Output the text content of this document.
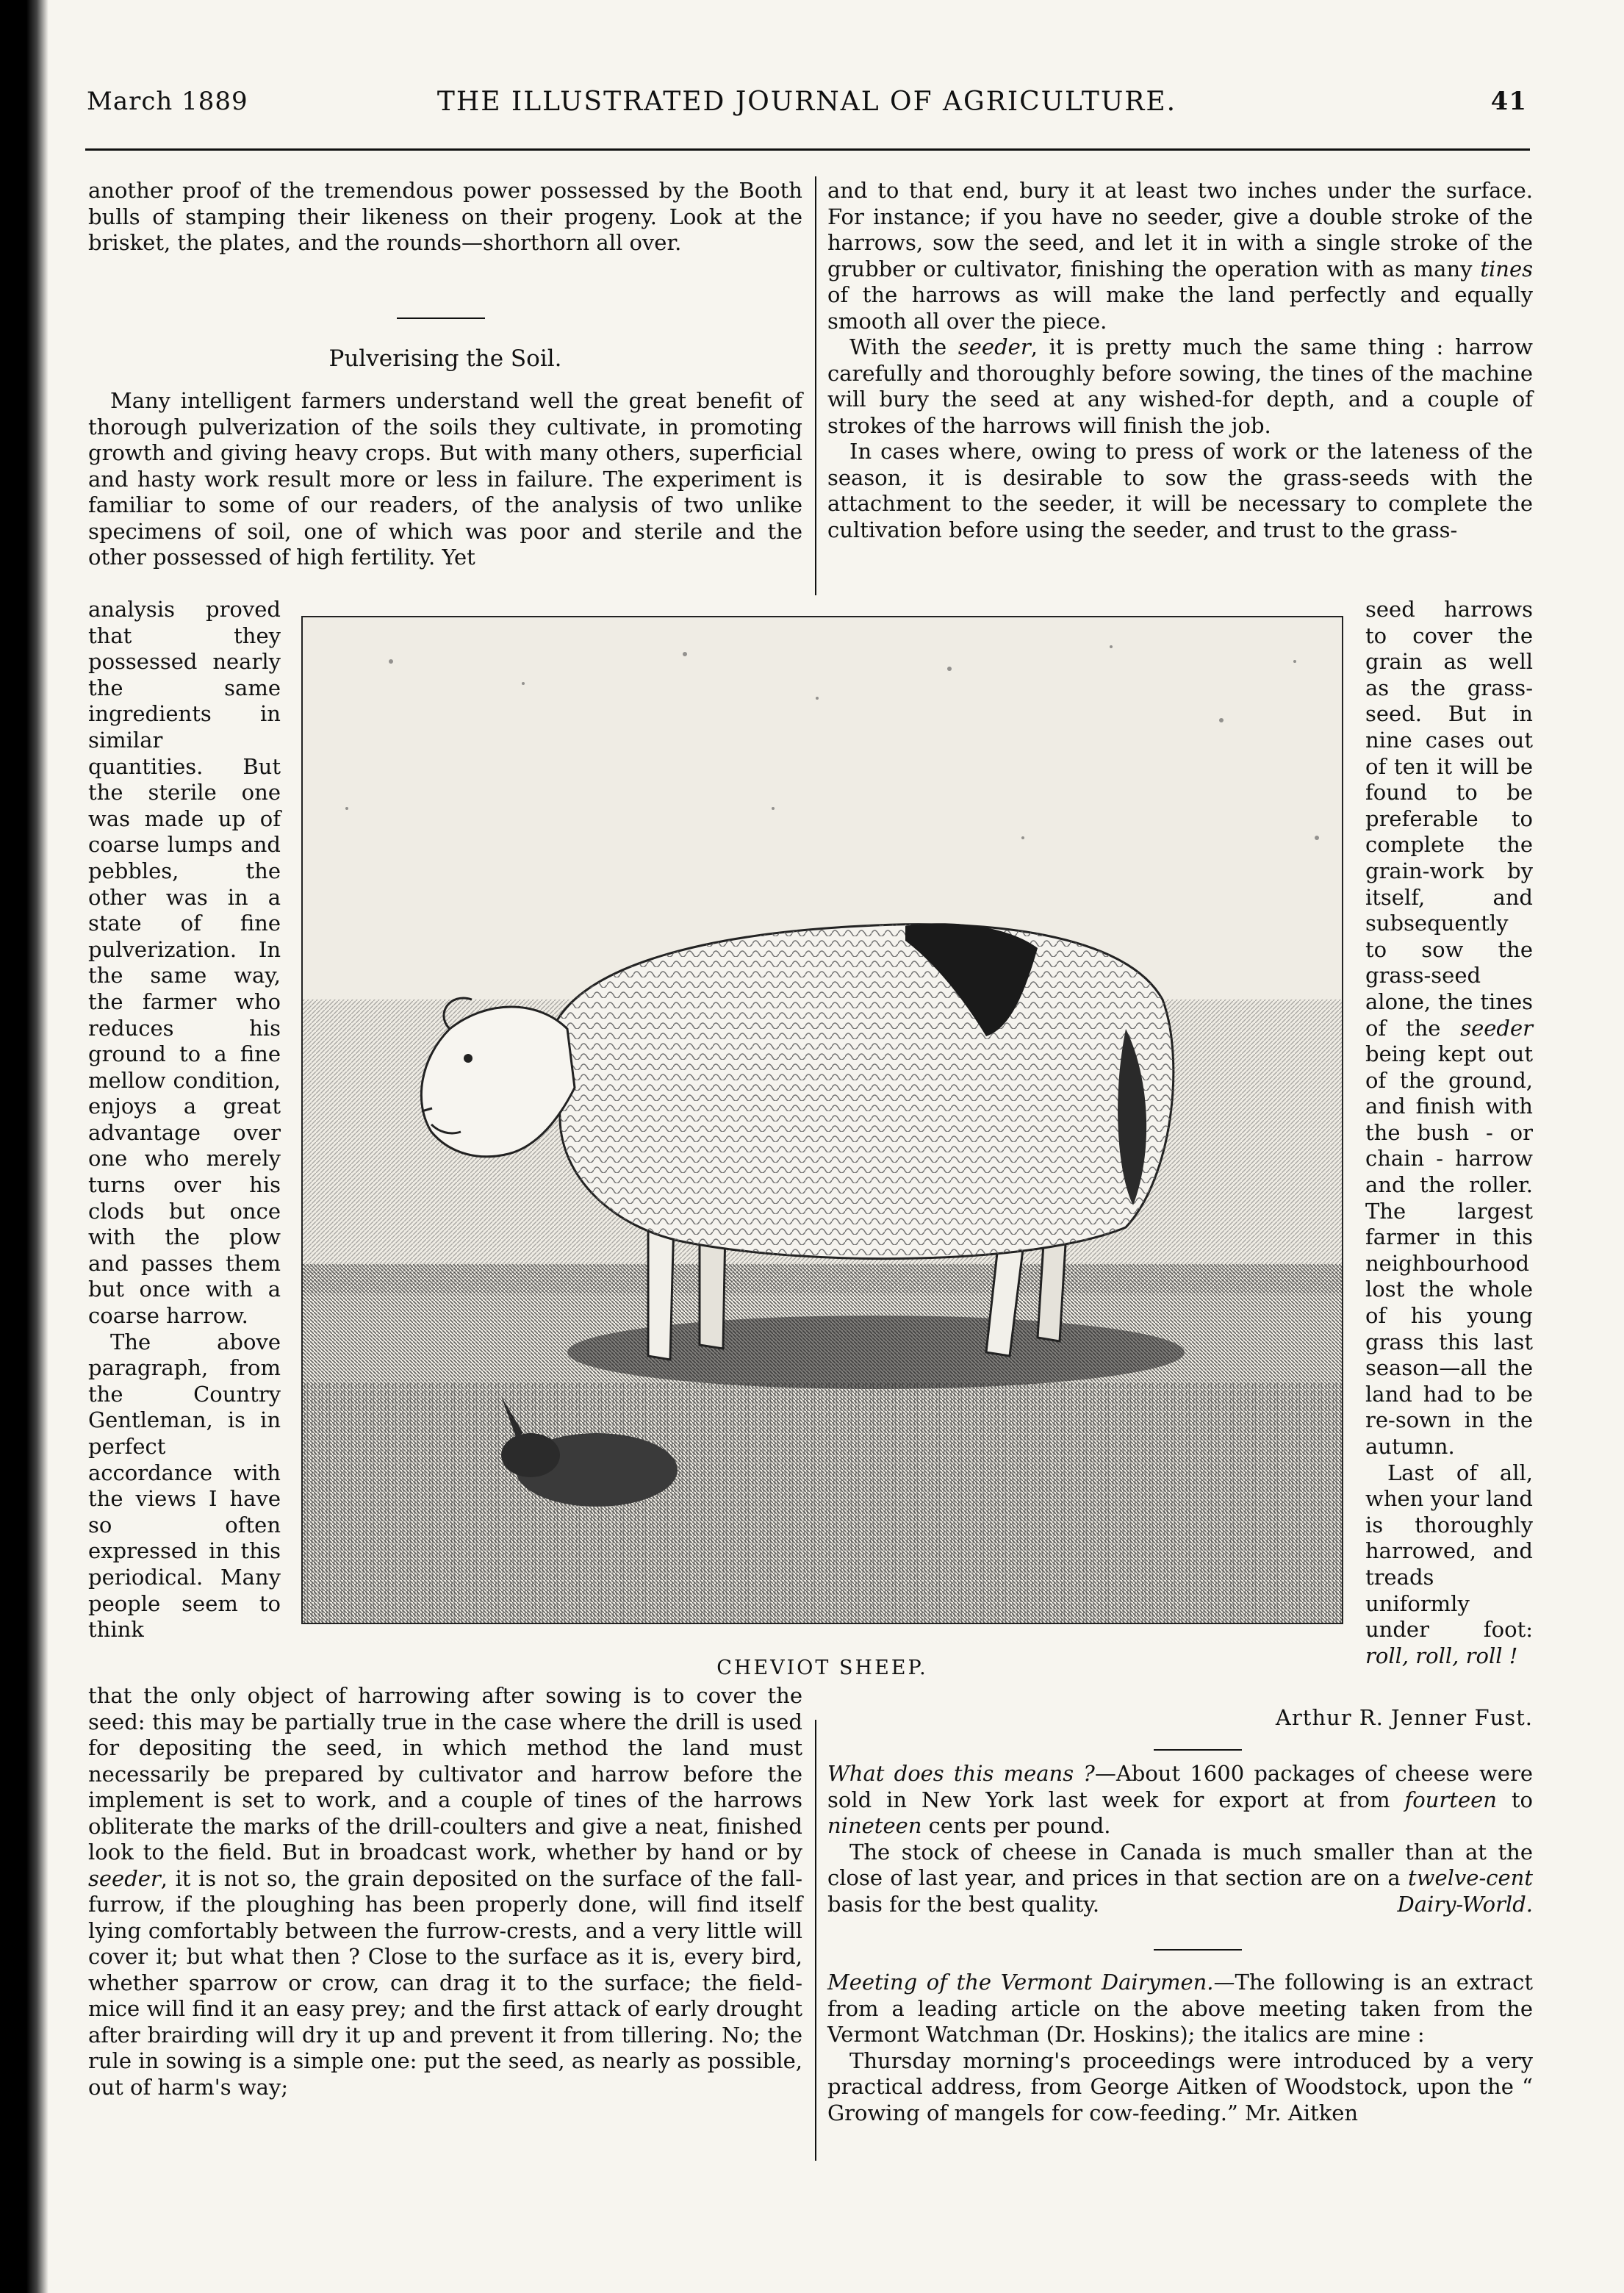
March 1889	THE ILLUSTRATED JOURNAL OF AGRICULTURE.	41

another proof of the tremendous power possessed by the Booth bulls of stamping their likeness on their progeny. Look at the brisket, the plates, and the rounds—shorthorn all over.

Pulverising the Soil.

Many intelligent farmers understand well the great benefit of thorough pulverization of the soils they cultivate, in promoting growth and giving heavy crops. But with many others, superficial and hasty work result more or less in failure. The experiment is familiar to some of our readers, of the analysis of two unlike specimens of soil, one of which was poor and sterile and the other possessed of high fertility. Yet

analysis proved that they possessed nearly the same ingredients in similar quantities. But the sterile one was made up of coarse lumps and pebbles, the other was in a state of fine pulverization. In the same way, the farmer who reduces his ground to a fine mellow condition, enjoys a great advantage over one who merely turns over his clods but once with the plow and passes them but once with a coarse harrow.

The above paragraph, from the Country Gentleman, is in perfect accordance with the views I have so often expressed in this periodical. Many people seem to think

and to that end, bury it at least two inches under the surface. For instance; if you have no seeder, give a double stroke of the harrows, sow the seed, and let it in with a single stroke of the grubber or cultivator, finishing the operation with as many tines of the harrows as will make the land perfectly and equally smooth all over the piece.

With the seeder, it is pretty much the same thing : harrow carefully and thoroughly before sowing, the tines of the machine will bury the seed at any wished-for depth, and a couple of strokes of the harrows will finish the job.

In cases where, owing to press of work or the lateness of the season, it is desirable to sow the grass-seeds with the attachment to the seeder, it will be necessary to complete the cultivation before using the seeder, and trust to the grass-

seed harrows to cover the grain as well as the grass-seed. But in nine cases out of ten it will be found to be preferable to complete the grain-work by itself, and subsequently to sow the grass-seed alone, the tines of the seeder being kept out of the ground, and finish with the bush - or chain - harrow and the roller. The largest farmer in this neighbourhood lost the whole of his young grass this last season—all the land had to be re-sown in the autumn.

Last of all, when your land is thoroughly harrowed, and treads uniformly under foot: roll, roll, roll !

CHEVIOT SHEEP.

that the only object of harrowing after sowing is to cover the seed: this may be partially true in the case where the drill is used for depositing the seed, in which method the land must necessarily be prepared by cultivator and harrow before the implement is set to work, and a couple of tines of the harrows obliterate the marks of the drill-coulters and give a neat, finished look to the field. But in broadcast work, whether by hand or by seeder, it is not so, the grain deposited on the surface of the fall-furrow, if the ploughing has been properly done, will find itself lying comfortably between the furrow-crests, and a very little will cover it; but what then ? Close to the surface as it is, every bird, whether sparrow or crow, can drag it to the surface; the field-mice will find it an easy prey; and the first attack of early drought after brairding will dry it up and prevent it from tillering. No; the rule in sowing is a simple one: put the seed, as nearly as possible, out of harm's way;

Arthur R. Jenner Fust.

What does this means ?—About 1600 packages of cheese were sold in New York last week for export at from fourteen to nineteen cents per pound.

The stock of cheese in Canada is much smaller than at the close of last year, and prices in that section are on a twelve-cent basis for the best quality.	Dairy-World.

Meeting of the Vermont Dairymen.—The following is an extract from a leading article on the above meeting taken from the Vermont Watchman (Dr. Hoskins); the italics are mine :

Thursday morning's proceedings were introduced by a very practical address, from George Aitken of Woodstock, upon the “ Growing of mangels for cow-feeding.” Mr. Aitken
